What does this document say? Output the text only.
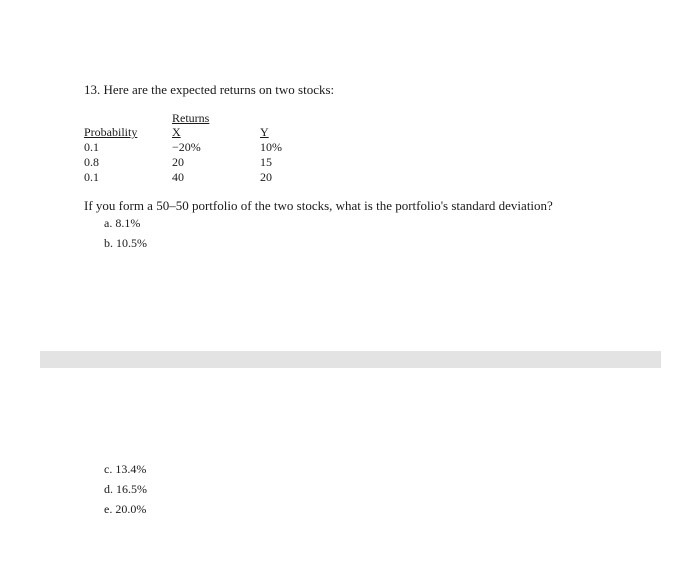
13. Here are the expected returns on two stocks:
Returns
Probability	X	Y
0.1	−20%	10%
0.8	20	15
0.1	40	20
If you form a 50–50 portfolio of the two stocks, what is the portfolio's standard deviation?
a. 8.1%
b. 10.5%
c. 13.4%
d. 16.5%
e. 20.0%
